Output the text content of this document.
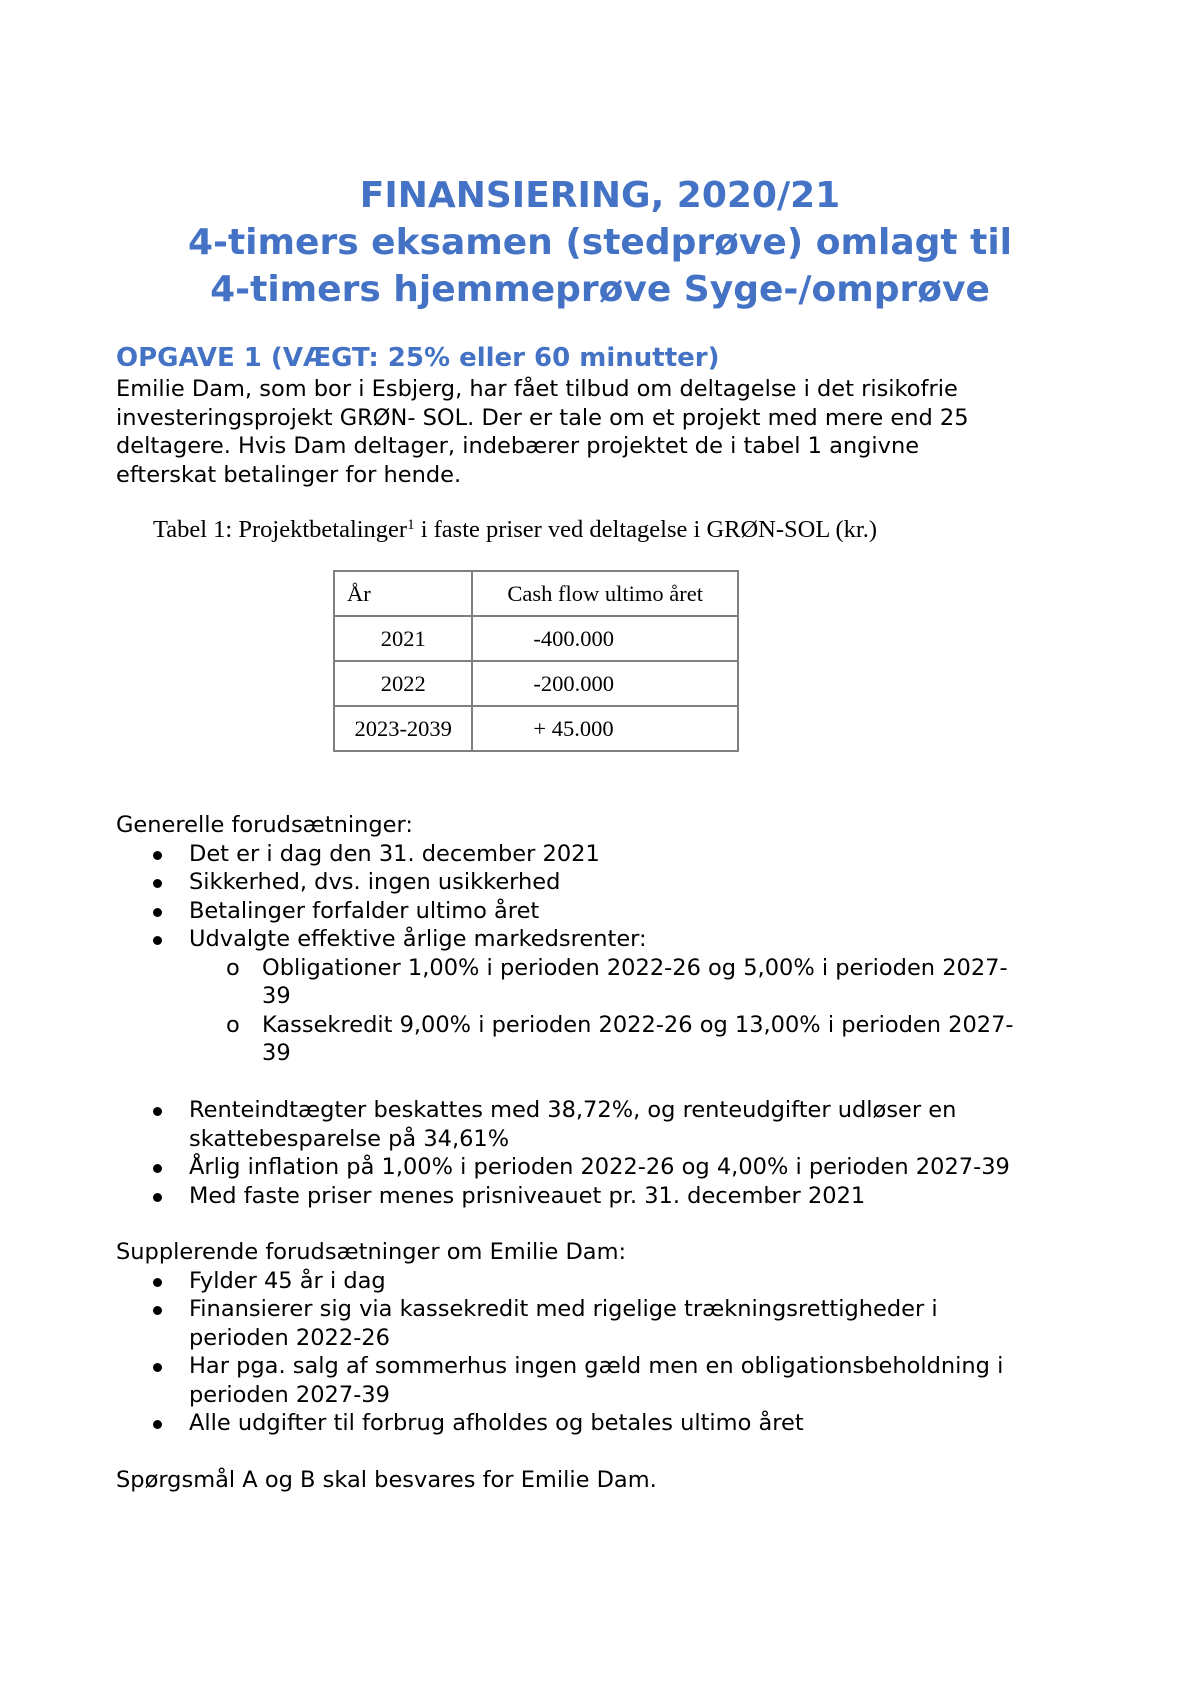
FINANSIERING, 2020/21
4-timers eksamen (stedprøve) omlagt til
4-timers hjemmeprøve Syge-/omprøve
OPGAVE 1 (VÆGT: 25% eller 60 minutter)
Emilie Dam, som bor i Esbjerg, har fået tilbud om deltagelse i det risikofrie
investeringsprojekt GRØN- SOL. Der er tale om et projekt med mere end 25
deltagere. Hvis Dam deltager, indebærer projektet de i tabel 1 angivne
efterskat betalinger for hende.
Tabel 1: Projektbetalinger$^1$ i faste priser ved deltagelse i GRØN-SOL (kr.)
År	Cash flow ultimo året
2021	-400.000
2022	-200.000
2023-2039	+ 45.000
Generelle forudsætninger:
Det er i dag den 31. december 2021
Sikkerhed, dvs. ingen usikkerhed
Betalinger forfalder ultimo året
Udvalgte effektive årlige markedsrenter:
o Obligationer 1,00% i perioden 2022-26 og 5,00% i perioden 2027-
39
o Kassekredit 9,00% i perioden 2022-26 og 13,00% i perioden 2027-
39
Renteindtægter beskattes med 38,72%, og renteudgifter udløser en
skattebesparelse på 34,61%
Årlig inflation på 1,00% i perioden 2022-26 og 4,00% i perioden 2027-39
Med faste priser menes prisniveauet pr. 31. december 2021
Supplerende forudsætninger om Emilie Dam:
Fylder 45 år i dag
Finansierer sig via kassekredit med rigelige trækningsrettigheder i
perioden 2022-26
Har pga. salg af sommerhus ingen gæld men en obligationsbeholdning i
perioden 2027-39
Alle udgifter til forbrug afholdes og betales ultimo året
Spørgsmål A og B skal besvares for Emilie Dam.
